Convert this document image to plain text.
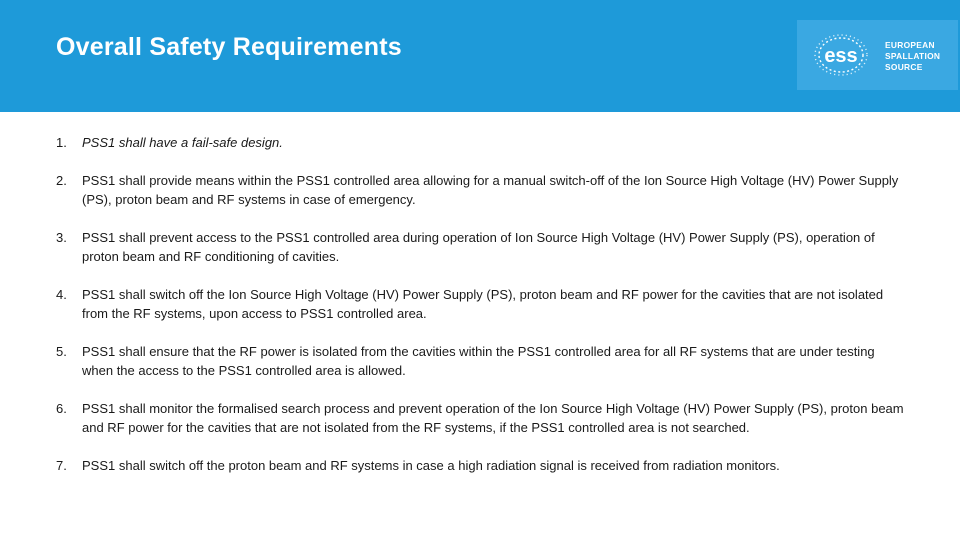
Overall Safety Requirements	ess	EUROPEAN
SPALLATION
SOURCE
1. PSS1 shall have a fail-safe design.
2. PSS1 shall provide means within the PSS1 controlled area allowing for a manual switch-off of the Ion Source High Voltage (HV) Power Supply (PS), proton beam and RF systems in case of emergency.
3. PSS1 shall prevent access to the PSS1 controlled area during operation of Ion Source High Voltage (HV) Power Supply (PS), operation of proton beam and RF conditioning of cavities.
4. PSS1 shall switch off the Ion Source High Voltage (HV) Power Supply (PS), proton beam and RF power for the cavities that are not isolated from the RF systems, upon access to PSS1 controlled area.
5. PSS1 shall ensure that the RF power is isolated from the cavities within the PSS1 controlled area for all RF systems that are under testing when the access to the PSS1 controlled area is allowed.
6. PSS1 shall monitor the formalised search process and prevent operation of the Ion Source High Voltage (HV) Power Supply (PS), proton beam and RF power for the cavities that are not isolated from the RF systems, if the PSS1 controlled area is not searched.
7. PSS1 shall switch off the proton beam and RF systems in case a high radiation signal is received from radiation monitors.
